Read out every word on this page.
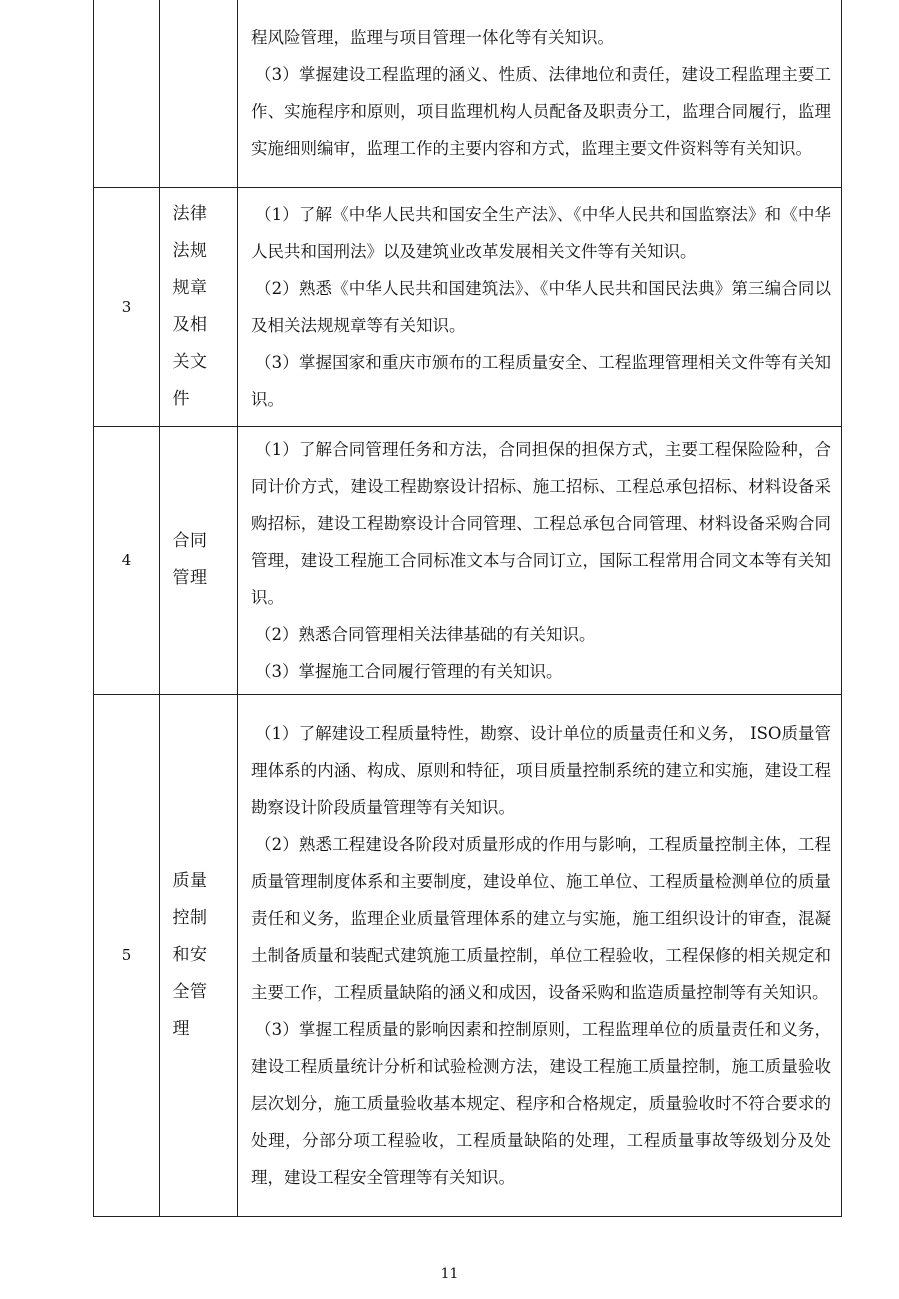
		程风险管理，监理与项目管理一体化等有关知识。

（3）掌握建设工程监理的涵义、性质、法律地位和责任，建设工程监理主要工作、实施程序和原则，项目监理机构人员配备及职责分工，监理合同履行，监理实施细则编审，监理工作的主要内容和方式，监理主要文件资料等有关知识。

3	法律法规规章及相关文件	（1）了解《中华人民共和国安全生产法》、《中华人民共和国监察法》和《中华人民共和国刑法》以及建筑业改革发展相关文件等有关知识。

（2）熟悉《中华人民共和国建筑法》、《中华人民共和国民法典》第三编合同以及相关法规规章等有关知识。

（3）掌握国家和重庆市颁布的工程质量安全、工程监理管理相关文件等有关知识。

4	合同管理	（1）了解合同管理任务和方法，合同担保的担保方式，主要工程保险险种，合同计价方式，建设工程勘察设计招标、施工招标、工程总承包招标、材料设备采购招标，建设工程勘察设计合同管理、工程总承包合同管理、材料设备采购合同管理，建设工程施工合同标准文本与合同订立，国际工程常用合同文本等有关知识。

（2）熟悉合同管理相关法律基础的有关知识。

（3）掌握施工合同履行管理的有关知识。

5	质量控制和安全管理	（1）了解建设工程质量特性，勘察、设计单位的质量责任和义务， ISO质量管理体系的内涵、构成、原则和特征，项目质量控制系统的建立和实施，建设工程勘察设计阶段质量管理等有关知识。

（2）熟悉工程建设各阶段对质量形成的作用与影响，工程质量控制主体，工程质量管理制度体系和主要制度，建设单位、施工单位、工程质量检测单位的质量责任和义务，监理企业质量管理体系的建立与实施，施工组织设计的审查，混凝土制备质量和装配式建筑施工质量控制，单位工程验收，工程保修的相关规定和主要工作，工程质量缺陷的涵义和成因，设备采购和监造质量控制等有关知识。

（3）掌握工程质量的影响因素和控制原则，工程监理单位的质量责任和义务，建设工程质量统计分析和试验检测方法，建设工程施工质量控制，施工质量验收层次划分，施工质量验收基本规定、程序和合格规定，质量验收时不符合要求的处理，分部分项工程验收，工程质量缺陷的处理，工程质量事故等级划分及处理，建设工程安全管理等有关知识。

11
